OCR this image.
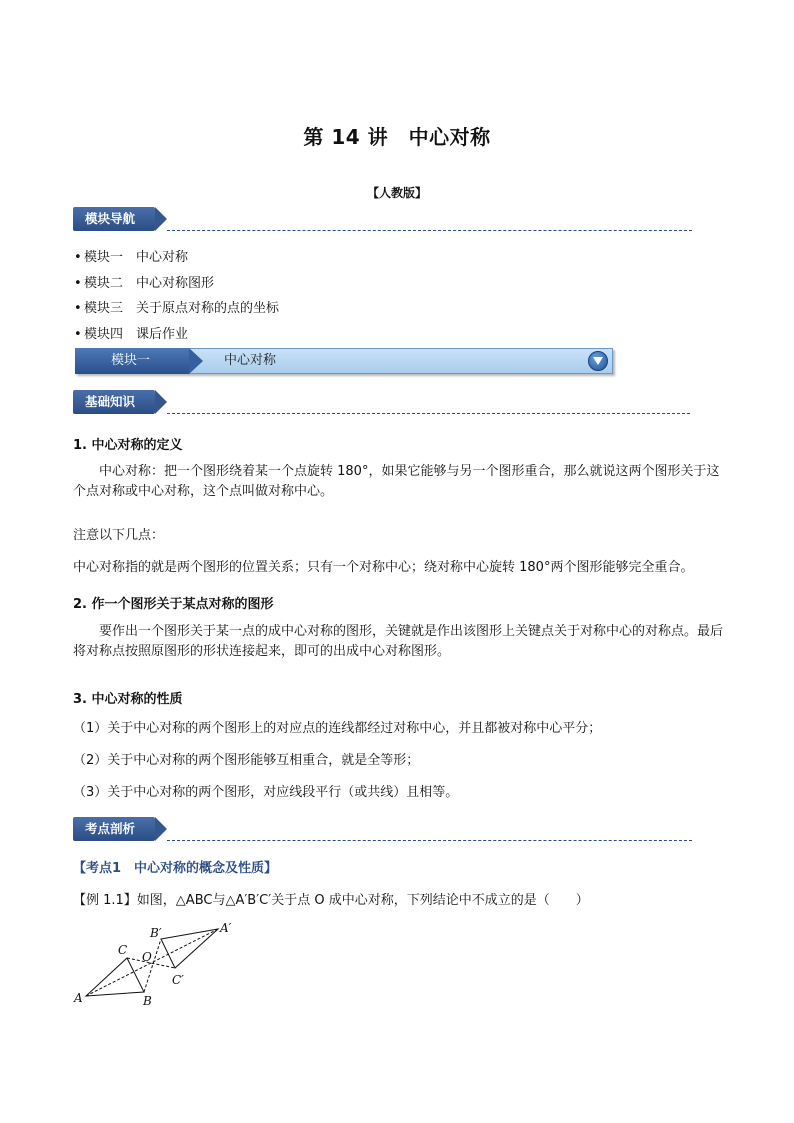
第 14 讲　中心对称
【人教版】
模块导航
• 模块一　中心对称
• 模块二　中心对称图形
• 模块三　关于原点对称的点的坐标
• 模块四　课后作业
模块一	中心对称
基础知识
1. 中心对称的定义
中心对称：把一个图形绕着某一个点旋转 180°，如果它能够与另一个图形重合，那么就说这两个图形关于这个点对称或中心对称，这个点叫做对称中心。
注意以下几点：
中心对称指的就是两个图形的位置关系；只有一个对称中心；绕对称中心旋转 180°两个图形能够完全重合。
2. 作一个图形关于某点对称的图形
要作出一个图形关于某一点的成中心对称的图形，关键就是作出该图形上关键点关于对称中心的对称点。最后将对称点按照原图形的形状连接起来，即可的出成中心对称图形。
3. 中心对称的性质
（1）关于中心对称的两个图形上的对应点的连线都经过对称中心，并且都被对称中心平分；
（2）关于中心对称的两个图形能够互相重合，就是全等形；
（3）关于中心对称的两个图形，对应线段平行（或共线）且相等。
考点剖析
【考点1　中心对称的概念及性质】
【例 1.1】如图，△ABC与△A′B′C′关于点 O 成中心对称，下列结论中不成立的是（　　）
A	B
C O
A′
B′
C′
